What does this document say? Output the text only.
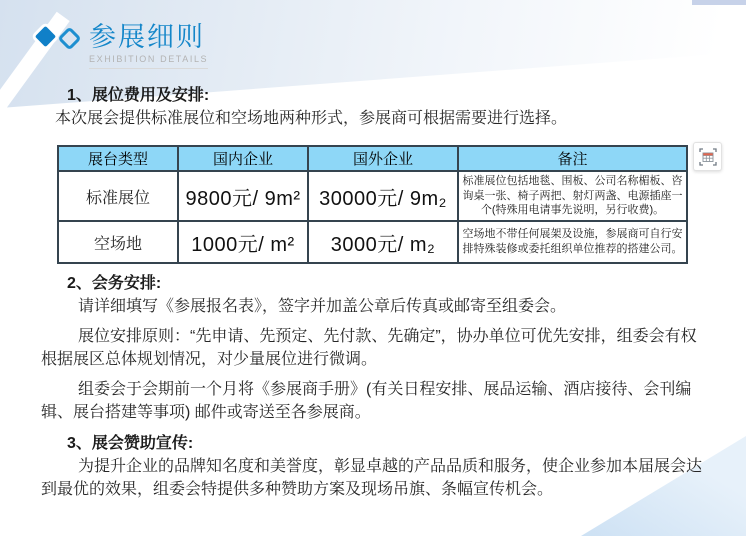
参展细则
EXHIBITION DETAILS
1、展位费用及安排:

本次展会提供标准展位和空场地两种形式，参展商可根据需要进行选择。

展台类型	国内企业	国外企业	备注
标准展位	9800元/ 9m²	30000元/ 9m₂	标准展位包括地毯、围板、公司名称楣板、咨询桌一张、椅子两把、射灯两盏、电源插座一个(特殊用电请事先说明，另行收费)。
空场地	1000元/ m²	3000元/ m₂	空场地不带任何展架及设施，参展商可自行安排特殊装修或委托组织单位推荐的搭建公司。
2、会务安排:

请详细填写《参展报名表》，签字并加盖公章后传真或邮寄至组委会。

展位安排原则：“先申请、先预定、先付款、先确定”，协办单位可优先安排，组委会有权根据展区总体规划情况，对少量展位进行微调。

组委会于会期前一个月将《参展商手册》(有关日程安排、展品运输、酒店接待、会刊编辑、展台搭建等事项) 邮件或寄送至各参展商。

3、展会赞助宣传:

为提升企业的品牌知名度和美誉度，彰显卓越的产品品质和服务，使企业参加本届展会达到最优的效果，组委会特提供多种赞助方案及现场吊旗、条幅宣传机会。
